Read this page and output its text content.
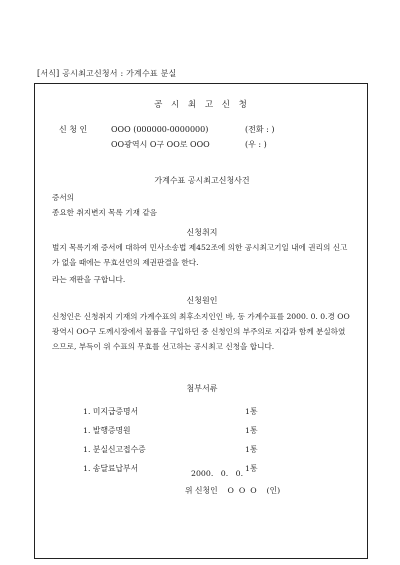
[서식] 공시최고신청서 : 가계수표 분실
공 시 최 고 신 청
신 청 인	OOO (000000-0000000)	(전화 : )
OO광역시 O구 OO로 OOO	(우 : )
가계수표 공시최고신청사건
증서의
종요한 취지변지 목록 기재 같음
신청취지
벌지 목록기재 증서에 대하여 민사소송법 제452조에 의한 공시최고기일 내에 권리의 신고가 없을 때에는 무효선언의 제권판결을 한다.
라는 재판을 구합니다.
신청원인
신청인은 신청취지 기재의 가계수표의 최후소지인인 바, 동 가계수표를 2000. 0. 0.경 OO광역시 OO구 도께시장에서 물품을 구입하던 중 신청인의 부주의로 지갑과 함께 분실하였으므로, 부득이 위 수표의 무효를 선고하는 공시최고 신청을 합니다.
첨부서류
1. 미지급증명서	1통
1. 발행증명원	1통
1. 분실신고접수증	1통
1. 송달료납부서	1통
2000.   0.   0.
위 신청인    O  O  O    (인)
